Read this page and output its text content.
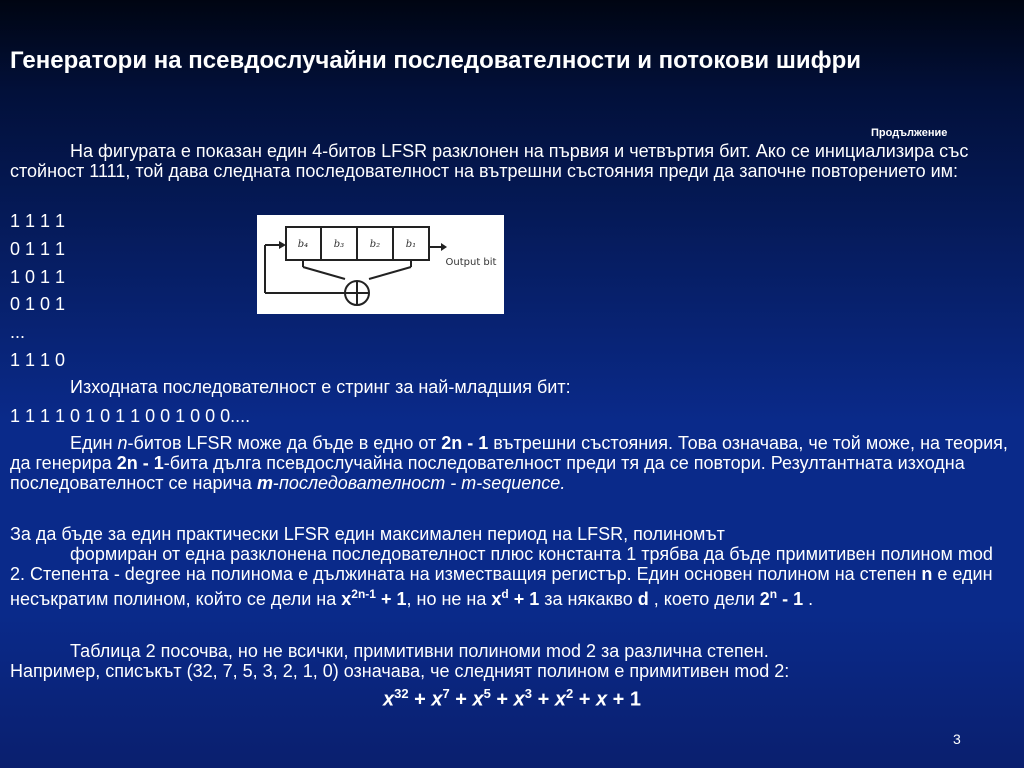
Генератори на псевдослучайни последователности и потокови шифри
Продължение
На фигурата е показан един 4-битов LFSR разклонен на първия и четвъртия бит. Ако се инициализира със стойност 1111, той дава следната последователност на вътрешни състояния преди да започне повторението им:
1 1 1 1
0 1 1 1
1 0 1 1
0 1 0 1
...
1 1 1 0
b₄	b₃	b₂	b₁
Output bit
Изходната последователност е стринг за най-младшия бит:
1 1 1 1 0 1 0 1 1 0 0 1 0 0 0....
Един n-битов LFSR може да бъде в едно от 2n - 1 вътрешни състояния. Това означава, че той може, на теория, да генерира 2n - 1-бита дълга псевдослучайна последователност преди тя да се повтори. Резултантната изходна последователност се нарича m-последователност - m-sequence.
За да бъде за един практически LFSR един максимален период на LFSR, полиномът
формиран от една разклонена последователност плюс константа 1 трябва да бъде примитивен полином mod 2. Степента - degree на полинома е дължината на изместващия регистър. Един основен полином на степен n е един несъкратим полином, който се дели на $x^{2n-1} + 1$, но не на $x^d + 1$ за някакво d , което дели 2$^n$ - 1 .
Таблица 2 посочва, но не всички, примитивни полиноми mod 2 за различна степен.
Например, списъкът (32, 7, 5, 3, 2, 1, 0) означава, че следният полином е примитивен mod 2:
$x^{32} + x^7 + x^5 + x^3 + x^2 + x + 1$
3
